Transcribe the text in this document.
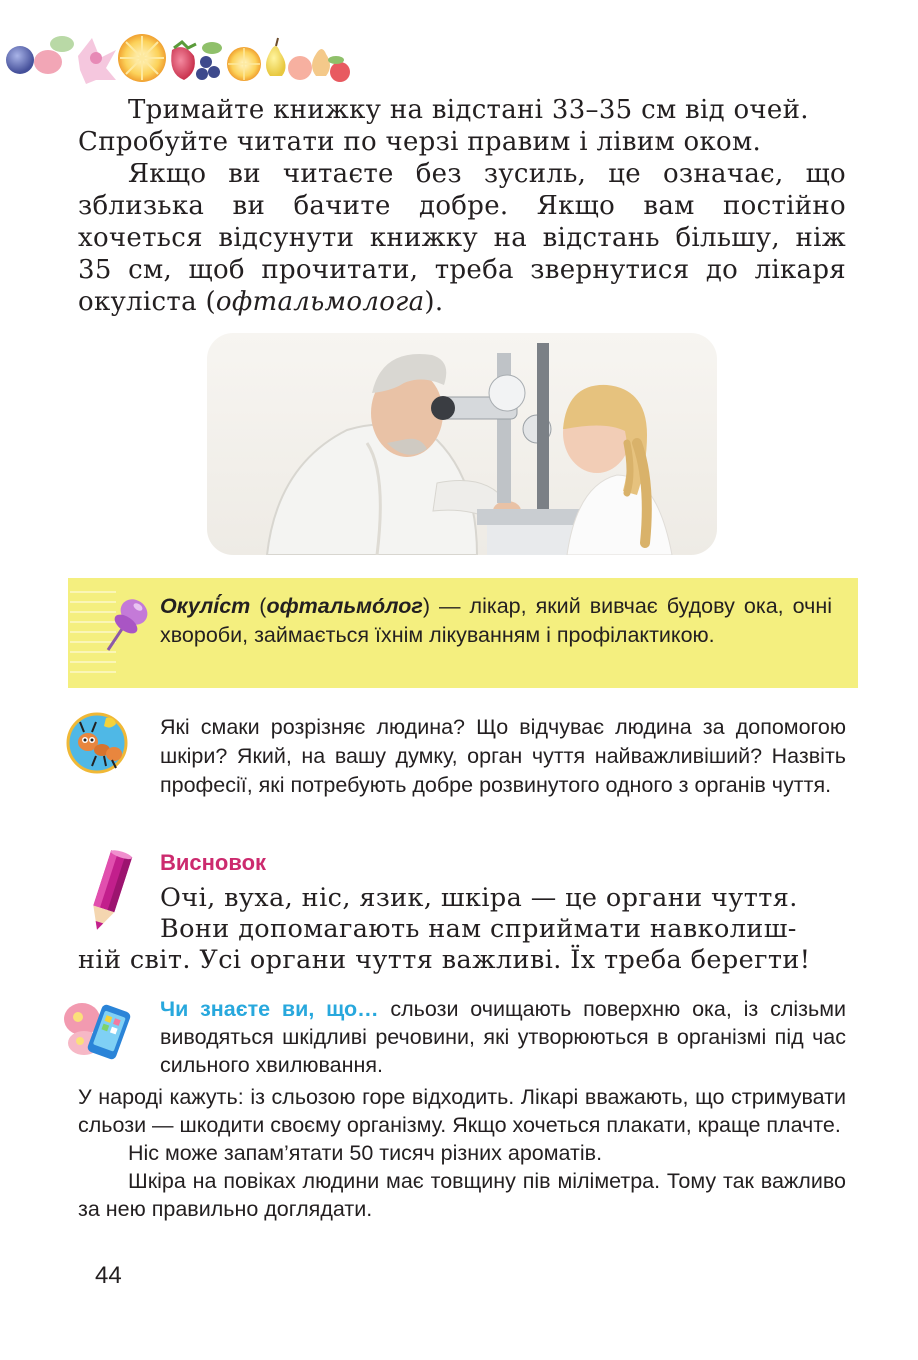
Тримайте книжку на відстані 33–35 см від очей.

Спробуйте читати по черзі правим і лівим оком.

Якщо ви читаєте без зусиль, це означає, що зблизька ви бачите добре. Якщо вам постійно хочеться відсунути книжку на відстань більшу, ніж 35 см, щоб прочитати, треба звернутися до лікаря окуліста (офтальмолога).

Окулі́ст (офтальмо́лог) — лікар, який вивчає будову ока, очні хвороби, займається їхнім лікуванням і профілактикою.
Які смаки розрізняє людина? Що відчуває людина за допомогою шкіри? Який, на вашу думку, орган чуття найважливіший? Назвіть професії, які потребують добре розвинутого одного з органів чуття.
Висновок
Очі, вуха, ніс, язик, шкіра — це органи чуття.
Вони допомагають нам сприймати навколиш-
ній світ. Усі органи чуття важливі. Їх треба берегти!
Чи знаєте ви, що… сльози очищають поверхню ока, із слізьми виводяться шкідливі речовини, які утворюються в організмі під час сильного хвилювання.

У народі кажуть: із сльозою горе відходить. Лікарі вважають, що стримувати сльози — шкодити своєму організму. Якщо хочеться плакати, краще плачте.

Ніс може запам’ятати 50 тисяч різних ароматів.

Шкіра на повіках людини має товщину пів міліметра. Тому так важливо за нею правильно доглядати.

44
